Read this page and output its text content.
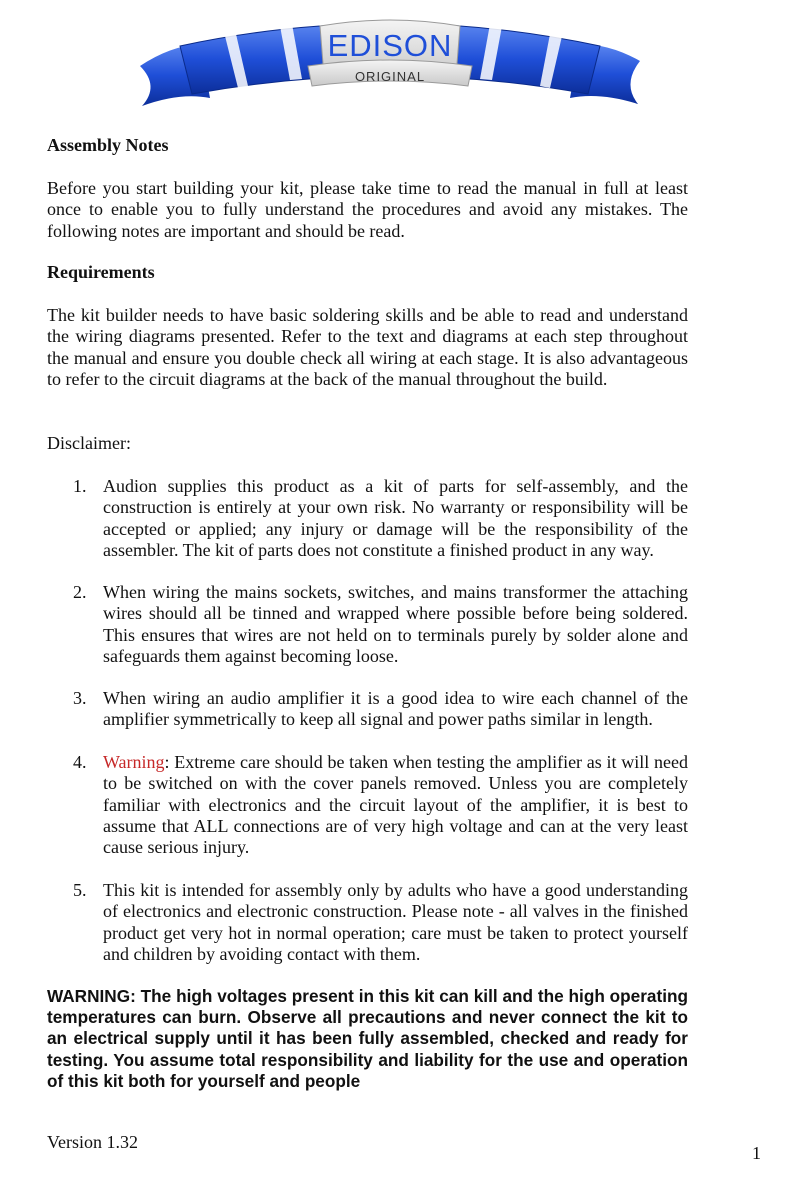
EDISON
ORIGINAL
Assembly Notes
Before you start building your kit, please take time to read the manual in full at least once to enable you to fully understand the procedures and avoid any mistakes. The following notes are important and should be read.
Requirements
The kit builder needs to have basic soldering skills and be able to read and understand the wiring diagrams presented. Refer to the text and diagrams at each step throughout the manual and ensure you double check all wiring at each stage. It is also advantageous to refer to the circuit diagrams at the back of the manual throughout the build.
Disclaimer:
1. Audion supplies this product as a kit of parts for self-assembly, and the construction is entirely at your own risk. No warranty or responsibility will be accepted or applied; any injury or damage will be the responsibility of the assembler. The kit of parts does not constitute a finished product in any way.
2. When wiring the mains sockets, switches, and mains transformer the attaching wires should all be tinned and wrapped where possible before being soldered. This ensures that wires are not held on to terminals purely by solder alone and safeguards them against becoming loose.
3. When wiring an audio amplifier it is a good idea to wire each channel of the amplifier symmetrically to keep all signal and power paths similar in length.
4. Warning: Extreme care should be taken when testing the amplifier as it will need to be switched on with the cover panels removed. Unless you are completely familiar with electronics and the circuit layout of the amplifier, it is best to assume that ALL connections are of very high voltage and can at the very least cause serious injury.
5. This kit is intended for assembly only by adults who have a good understanding of electronics and electronic construction. Please note - all valves in the finished product get very hot in normal operation; care must be taken to protect yourself and children by avoiding contact with them.
WARNING: The high voltages present in this kit can kill and the high operating temperatures can burn. Observe all precautions and never connect the kit to an electrical supply until it has been fully assembled, checked and ready for testing. You assume total responsibility and liability for the use and operation of this kit both for yourself and people
Version 1.32
1
